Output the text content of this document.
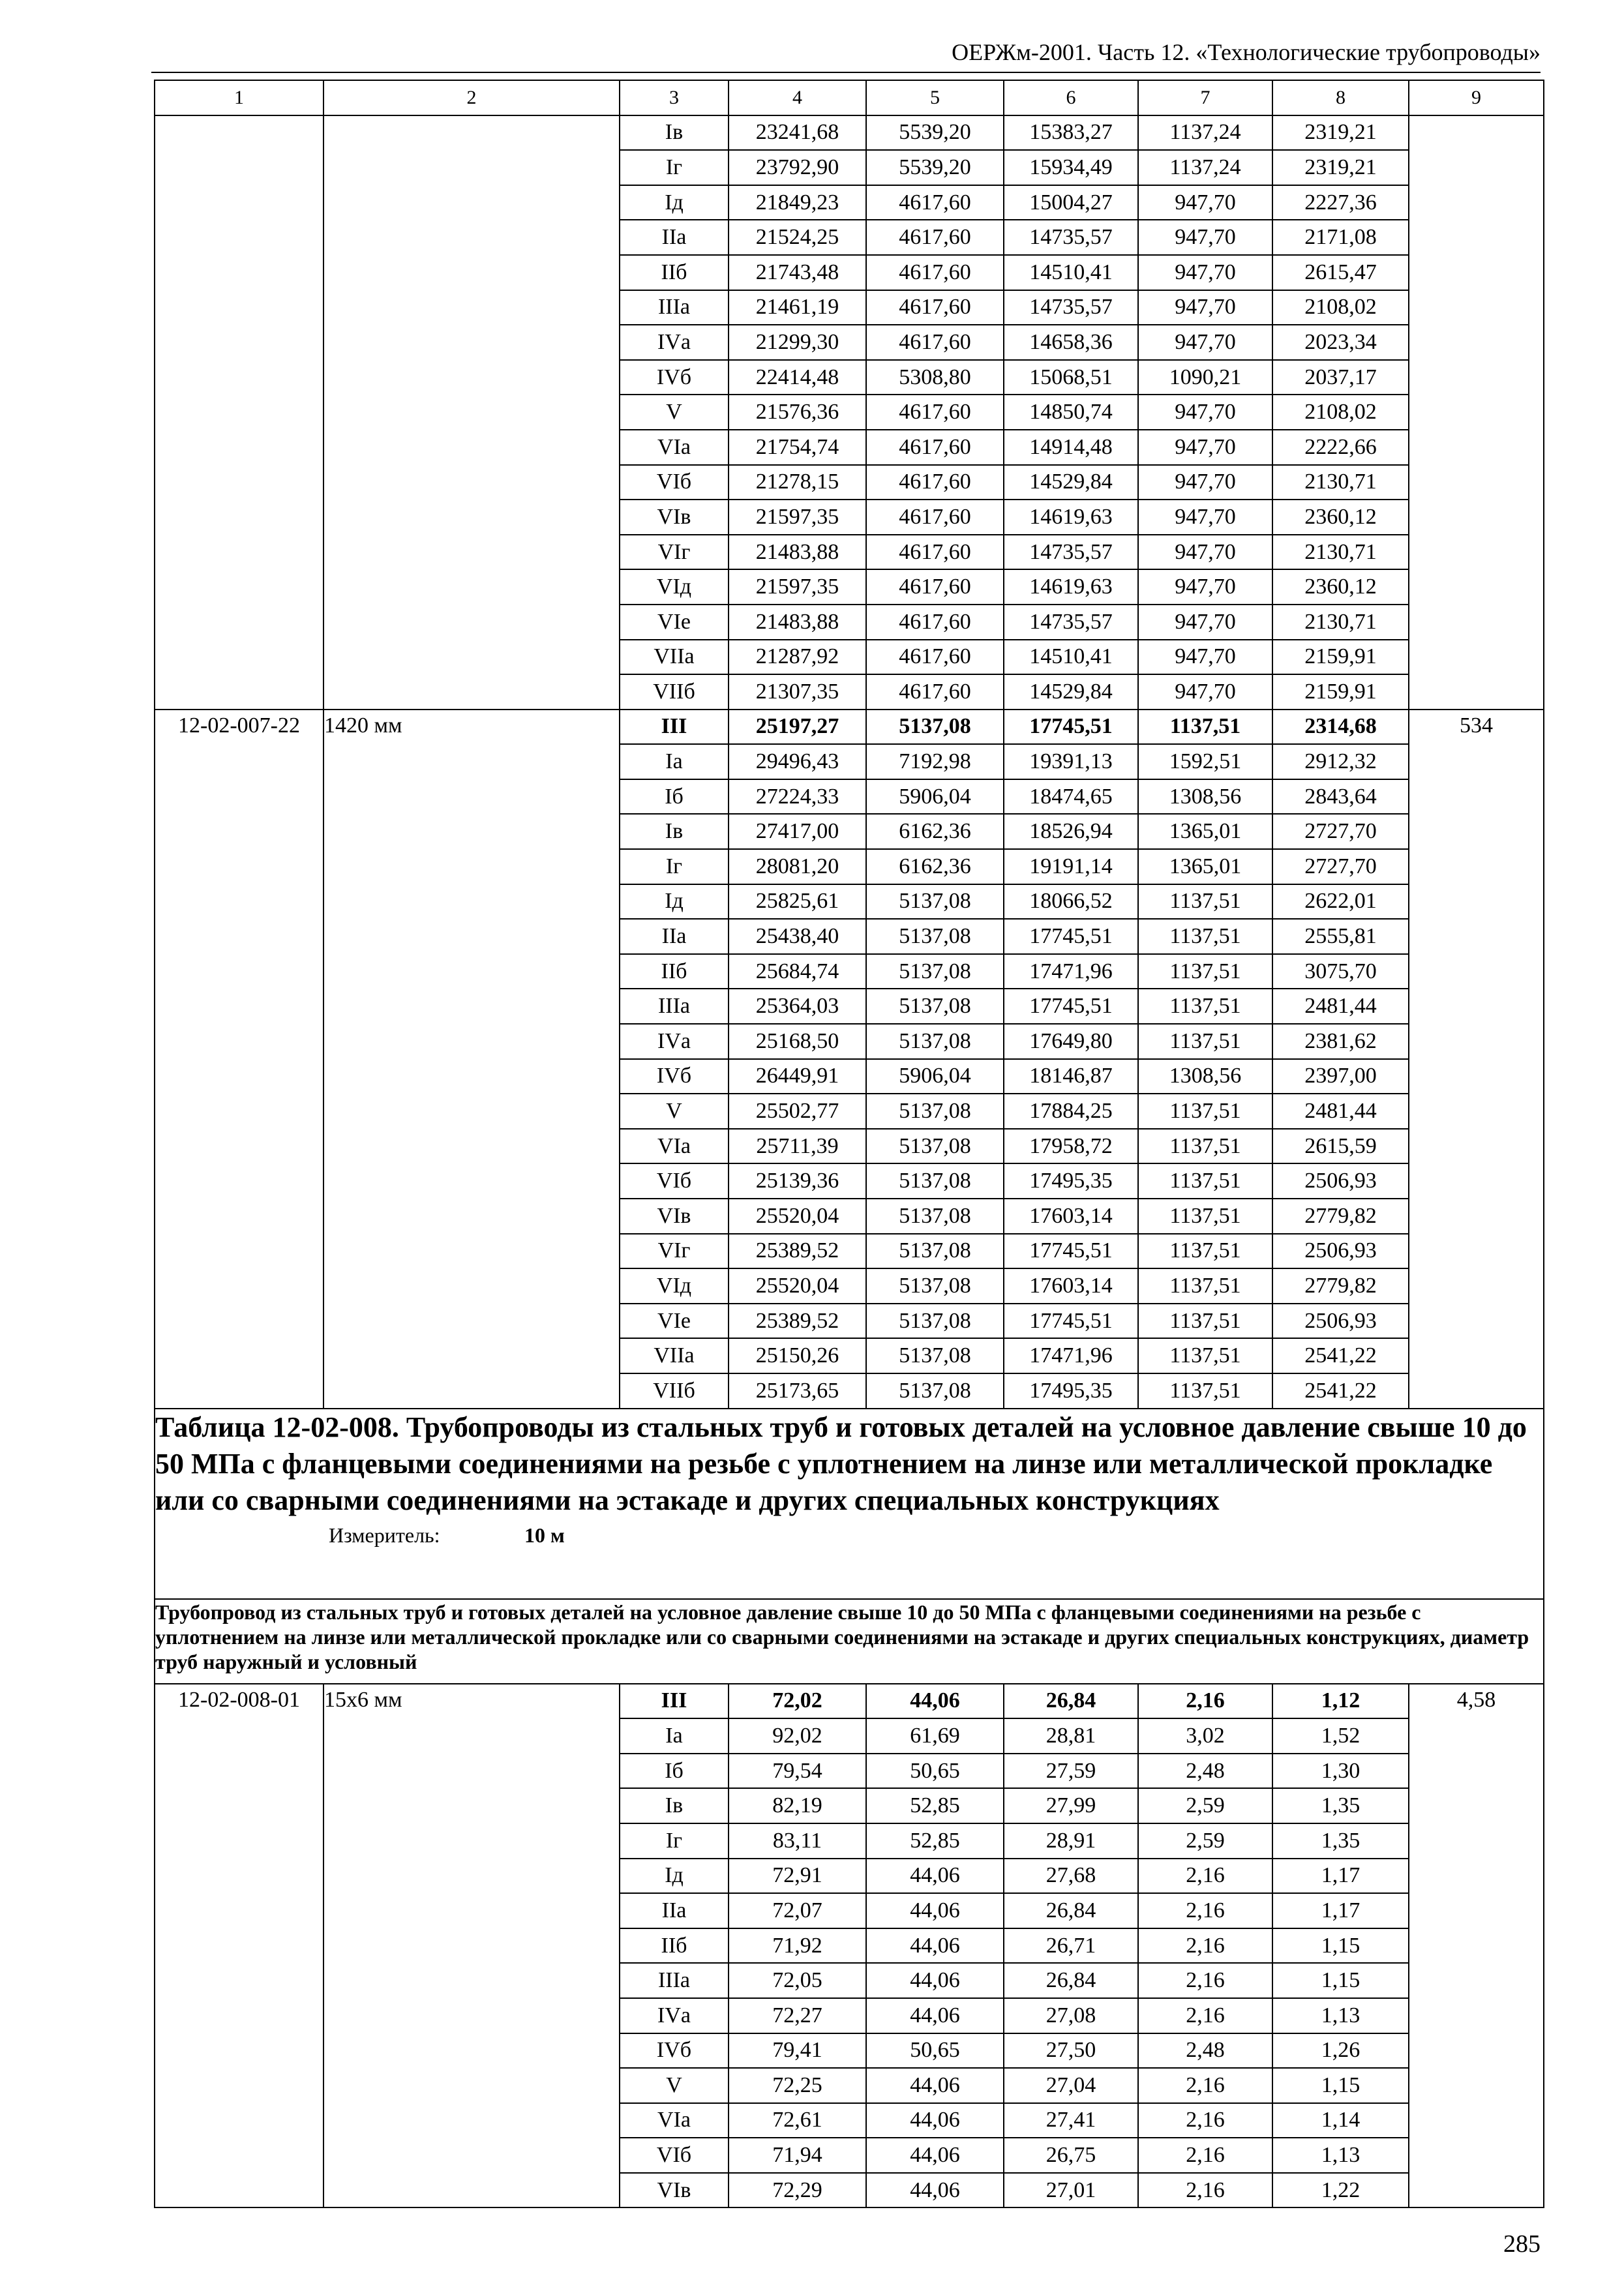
ОЕРЖм-2001. Часть 12. «Технологические трубопроводы»
1	2	3	4	5	6	7	8	9
		Iв	23241,68	5539,20	15383,27	1137,24	2319,21	
		Iг	23792,90	5539,20	15934,49	1137,24	2319,21	
		Iд	21849,23	4617,60	15004,27	947,70	2227,36	
		IIа	21524,25	4617,60	14735,57	947,70	2171,08	
		IIб	21743,48	4617,60	14510,41	947,70	2615,47	
		IIIа	21461,19	4617,60	14735,57	947,70	2108,02	
		IVа	21299,30	4617,60	14658,36	947,70	2023,34	
		IVб	22414,48	5308,80	15068,51	1090,21	2037,17	
		V	21576,36	4617,60	14850,74	947,70	2108,02	
		VIа	21754,74	4617,60	14914,48	947,70	2222,66	
		VIб	21278,15	4617,60	14529,84	947,70	2130,71	
		VIв	21597,35	4617,60	14619,63	947,70	2360,12	
		VIг	21483,88	4617,60	14735,57	947,70	2130,71	
		VIд	21597,35	4617,60	14619,63	947,70	2360,12	
		VIе	21483,88	4617,60	14735,57	947,70	2130,71	
		VIIа	21287,92	4617,60	14510,41	947,70	2159,91	
		VIIб	21307,35	4617,60	14529,84	947,70	2159,91	
12-02-007-22	1420 мм	III	25197,27	5137,08	17745,51	1137,51	2314,68	534
		Iа	29496,43	7192,98	19391,13	1592,51	2912,32	
		Iб	27224,33	5906,04	18474,65	1308,56	2843,64	
		Iв	27417,00	6162,36	18526,94	1365,01	2727,70	
		Iг	28081,20	6162,36	19191,14	1365,01	2727,70	
		Iд	25825,61	5137,08	18066,52	1137,51	2622,01	
		IIа	25438,40	5137,08	17745,51	1137,51	2555,81	
		IIб	25684,74	5137,08	17471,96	1137,51	3075,70	
		IIIа	25364,03	5137,08	17745,51	1137,51	2481,44	
		IVа	25168,50	5137,08	17649,80	1137,51	2381,62	
		IVб	26449,91	5906,04	18146,87	1308,56	2397,00	
		V	25502,77	5137,08	17884,25	1137,51	2481,44	
		VIа	25711,39	5137,08	17958,72	1137,51	2615,59	
		VIб	25139,36	5137,08	17495,35	1137,51	2506,93	
		VIв	25520,04	5137,08	17603,14	1137,51	2779,82	
		VIг	25389,52	5137,08	17745,51	1137,51	2506,93	
		VIд	25520,04	5137,08	17603,14	1137,51	2779,82	
		VIе	25389,52	5137,08	17745,51	1137,51	2506,93	
		VIIа	25150,26	5137,08	17471,96	1137,51	2541,22	
		VIIб	25173,65	5137,08	17495,35	1137,51	2541,22	

Таблица 12-02-008. Трубопроводы из стальных труб и готовых деталей на условное давление свыше 10 до 50 МПа с фланцевыми соединениями на резьбе с уплотнением на линзе или металлической прокладке или со сварными соединениями на эстакаде и других специальных конструкциях
Измеритель: 10 м								

Трубопровод из стальных труб и готовых деталей на условное давление свыше 10 до 50 МПа с фланцевыми соединениями на резьбе с уплотнением на линзе или металлической прокладке или со сварными соединениями на эстакаде и других специальных конструкциях, диаметр труб наружный и условный								
12-02-008-01	15х6 мм	III	72,02	44,06	26,84	2,16	1,12	4,58
		Iа	92,02	61,69	28,81	3,02	1,52	
		Iб	79,54	50,65	27,59	2,48	1,30	
		Iв	82,19	52,85	27,99	2,59	1,35	
		Iг	83,11	52,85	28,91	2,59	1,35	
		Iд	72,91	44,06	27,68	2,16	1,17	
		IIа	72,07	44,06	26,84	2,16	1,17	
		IIб	71,92	44,06	26,71	2,16	1,15	
		IIIа	72,05	44,06	26,84	2,16	1,15	
		IVа	72,27	44,06	27,08	2,16	1,13	
		IVб	79,41	50,65	27,50	2,48	1,26	
		V	72,25	44,06	27,04	2,16	1,15	
		VIа	72,61	44,06	27,41	2,16	1,14	
		VIб	71,94	44,06	26,75	2,16	1,13	
		VIв	72,29	44,06	27,01	2,16	1,22	
285
